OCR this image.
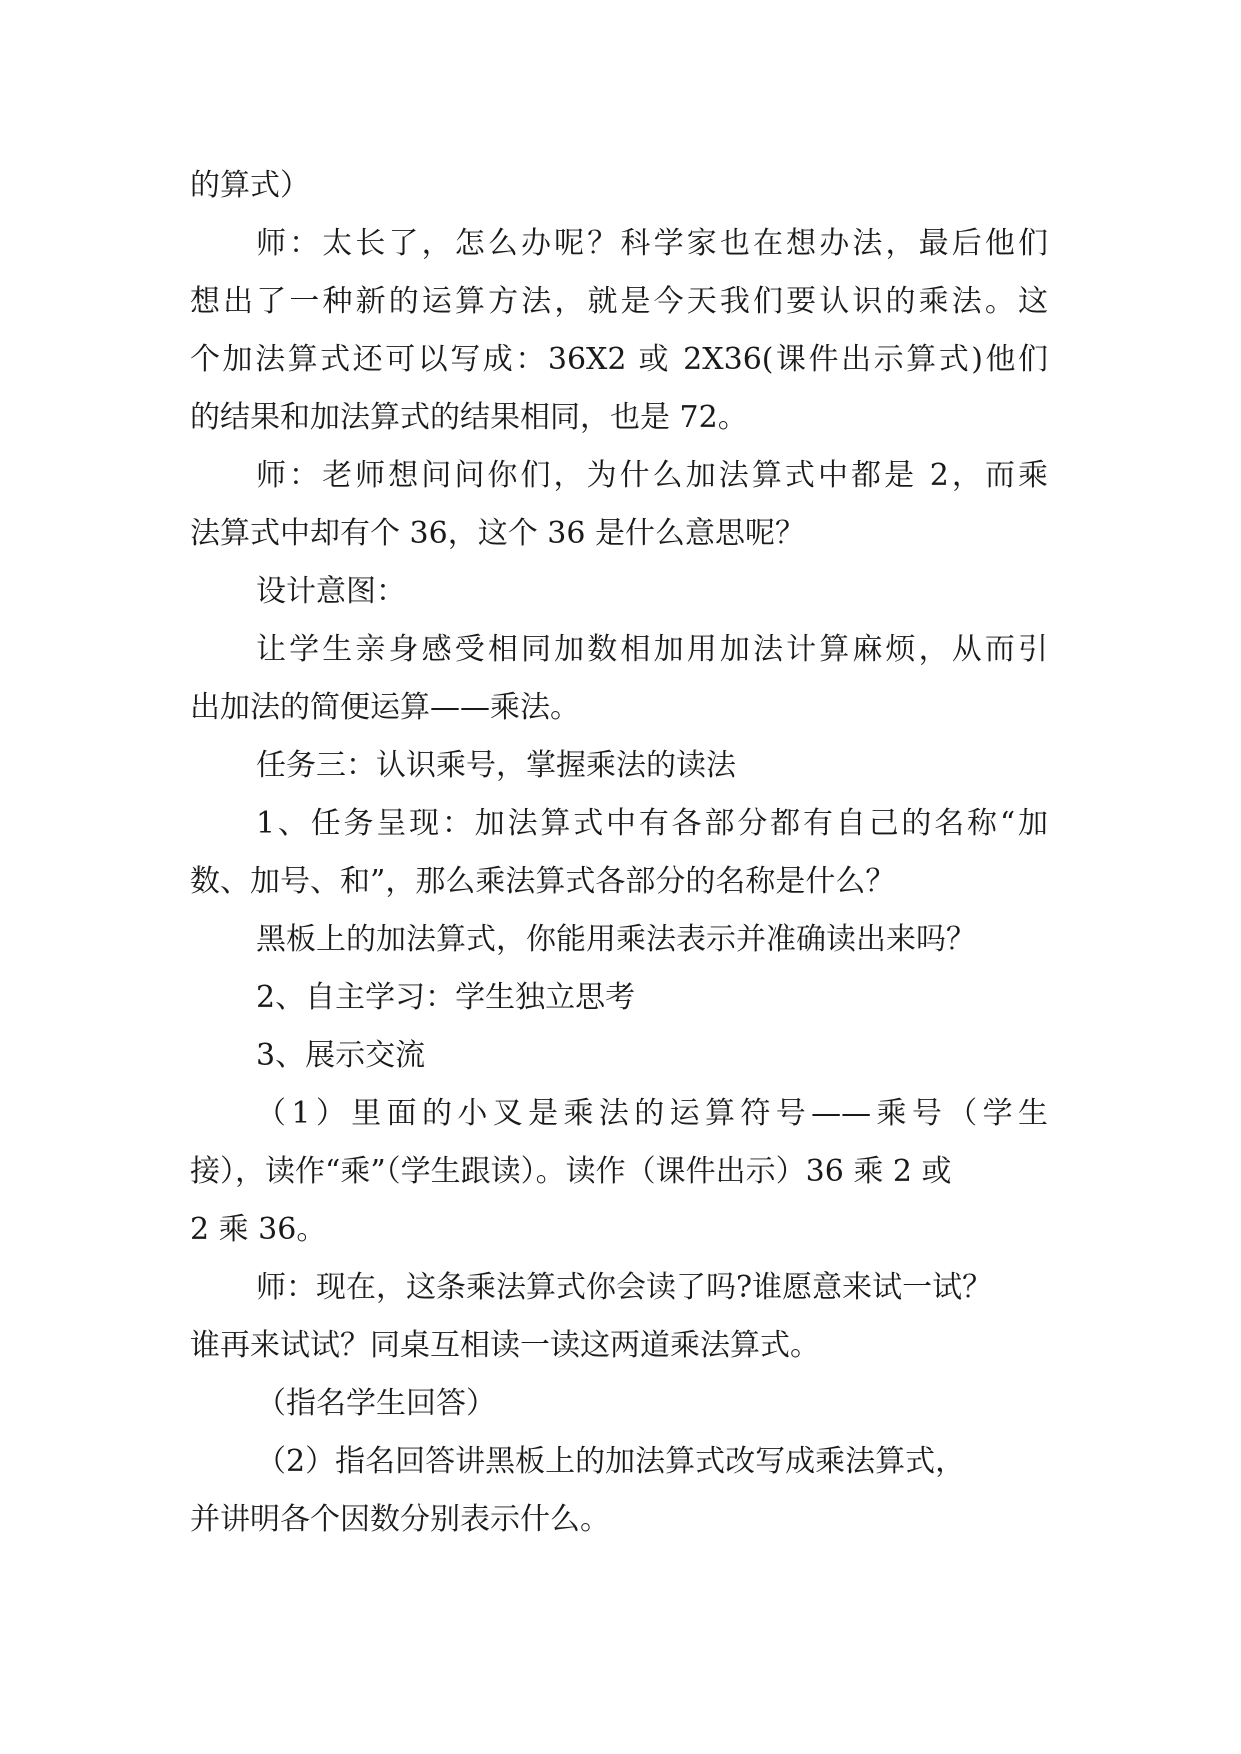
的算式）

师：太长了，怎么办呢？科学家也在想办法，最后他们

想出了一种新的运算方法，就是今天我们要认识的乘法。这

个加法算式还可以写成：36X2 或 2X36(课件出示算式)他们

的结果和加法算式的结果相同，也是 72。

师：老师想问问你们，为什么加法算式中都是 2，而乘

法算式中却有个 36，这个 36 是什么意思呢？

设计意图：

让学生亲身感受相同加数相加用加法计算麻烦，从而引

出加法的简便运算——乘法。

任务三：认识乘号，掌握乘法的读法

1、任务呈现：加法算式中有各部分都有自己的名称“加

数、加号、和”，那么乘法算式各部分的名称是什么？

黑板上的加法算式，你能用乘法表示并准确读出来吗？

2、自主学习：学生独立思考

3、展示交流

（1）里面的小叉是乘法的运算符号——乘号（学生

接），读作“乘”（学生跟读）。读作（课件出示）36 乘 2 或

2 乘 36。

师：现在，这条乘法算式你会读了吗?谁愿意来试一试？

谁再来试试？同桌互相读一读这两道乘法算式。

（指名学生回答）

（2）指名回答讲黑板上的加法算式改写成乘法算式，

并讲明各个因数分别表示什么。
